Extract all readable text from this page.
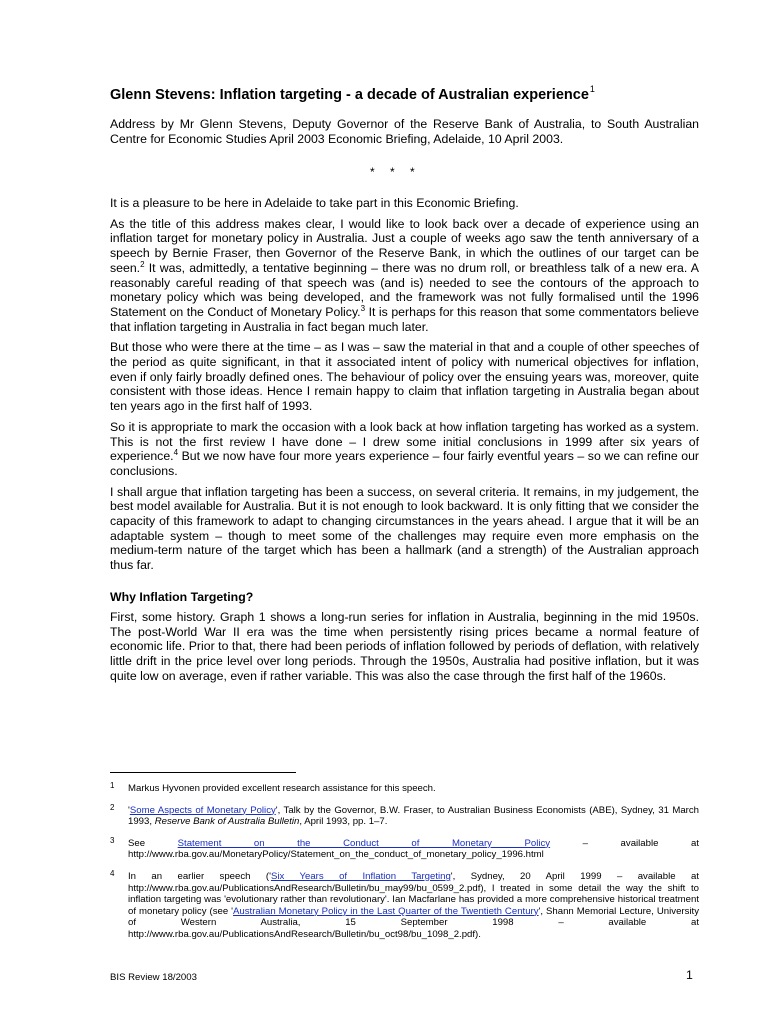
Glenn Stevens: Inflation targeting - a decade of Australian experience$^1$

Address by Mr Glenn Stevens, Deputy Governor of the Reserve Bank of Australia, to South Australian Centre for Economic Studies April 2003 Economic Briefing, Adelaide, 10 April 2003.

* * *

It is a pleasure to be here in Adelaide to take part in this Economic Briefing.

As the title of this address makes clear, I would like to look back over a decade of experience using an inflation target for monetary policy in Australia. Just a couple of weeks ago saw the tenth anniversary of a speech by Bernie Fraser, then Governor of the Reserve Bank, in which the outlines of our target can be seen.$^2$ It was, admittedly, a tentative beginning – there was no drum roll, or breathless talk of a new era. A reasonably careful reading of that speech was (and is) needed to see the contours of the approach to monetary policy which was being developed, and the framework was not fully formalised until the 1996 Statement on the Conduct of Monetary Policy.$^3$ It is perhaps for this reason that some commentators believe that inflation targeting in Australia in fact began much later.

But those who were there at the time – as I was – saw the material in that and a couple of other speeches of the period as quite significant, in that it associated intent of policy with numerical objectives for inflation, even if only fairly broadly defined ones. The behaviour of policy over the ensuing years was, moreover, quite consistent with those ideas. Hence I remain happy to claim that inflation targeting in Australia began about ten years ago in the first half of 1993.

So it is appropriate to mark the occasion with a look back at how inflation targeting has worked as a system. This is not the first review I have done – I drew some initial conclusions in 1999 after six years of experience.$^4$ But we now have four more years experience – four fairly eventful years – so we can refine our conclusions.

I shall argue that inflation targeting has been a success, on several criteria. It remains, in my judgement, the best model available for Australia. But it is not enough to look backward. It is only fitting that we consider the capacity of this framework to adapt to changing circumstances in the years ahead. I argue that it will be an adaptable system – though to meet some of the challenges may require even more emphasis on the medium-term nature of the target which has been a hallmark (and a strength) of the Australian approach thus far.

Why Inflation Targeting?

First, some history. Graph 1 shows a long-run series for inflation in Australia, beginning in the mid 1950s. The post-World War II era was the time when persistently rising prices became a normal feature of economic life. Prior to that, there had been periods of inflation followed by periods of deflation, with relatively little drift in the price level over long periods. Through the 1950s, Australia had positive inflation, but it was quite low on average, even if rather variable. This was also the case through the first half of the 1960s.

1 Markus Hyvonen provided excellent research assistance for this speech.

2 'Some Aspects of Monetary Policy', Talk by the Governor, B.W. Fraser, to Australian Business Economists (ABE), Sydney, 31 March 1993, Reserve Bank of Australia Bulletin, April 1993, pp. 1–7.

3 See Statement on the Conduct of Monetary Policy – available at http://www.rba.gov.au/MonetaryPolicy/Statement_on_the_conduct_of_monetary_policy_1996.html

4 In an earlier speech ('Six Years of Inflation Targeting', Sydney, 20 April 1999 – available at http://www.rba.gov.au/PublicationsAndResearch/Bulletin/bu_may99/bu_0599_2.pdf), I treated in some detail the way the shift to inflation targeting was 'evolutionary rather than revolutionary'. Ian Macfarlane has provided a more comprehensive historical treatment of monetary policy (see 'Australian Monetary Policy in the Last Quarter of the Twentieth Century', Shann Memorial Lecture, University of Western Australia, 15 September 1998 – available at http://www.rba.gov.au/PublicationsAndResearch/Bulletin/bu_oct98/bu_1098_2.pdf).

BIS Review 18/2003	1
